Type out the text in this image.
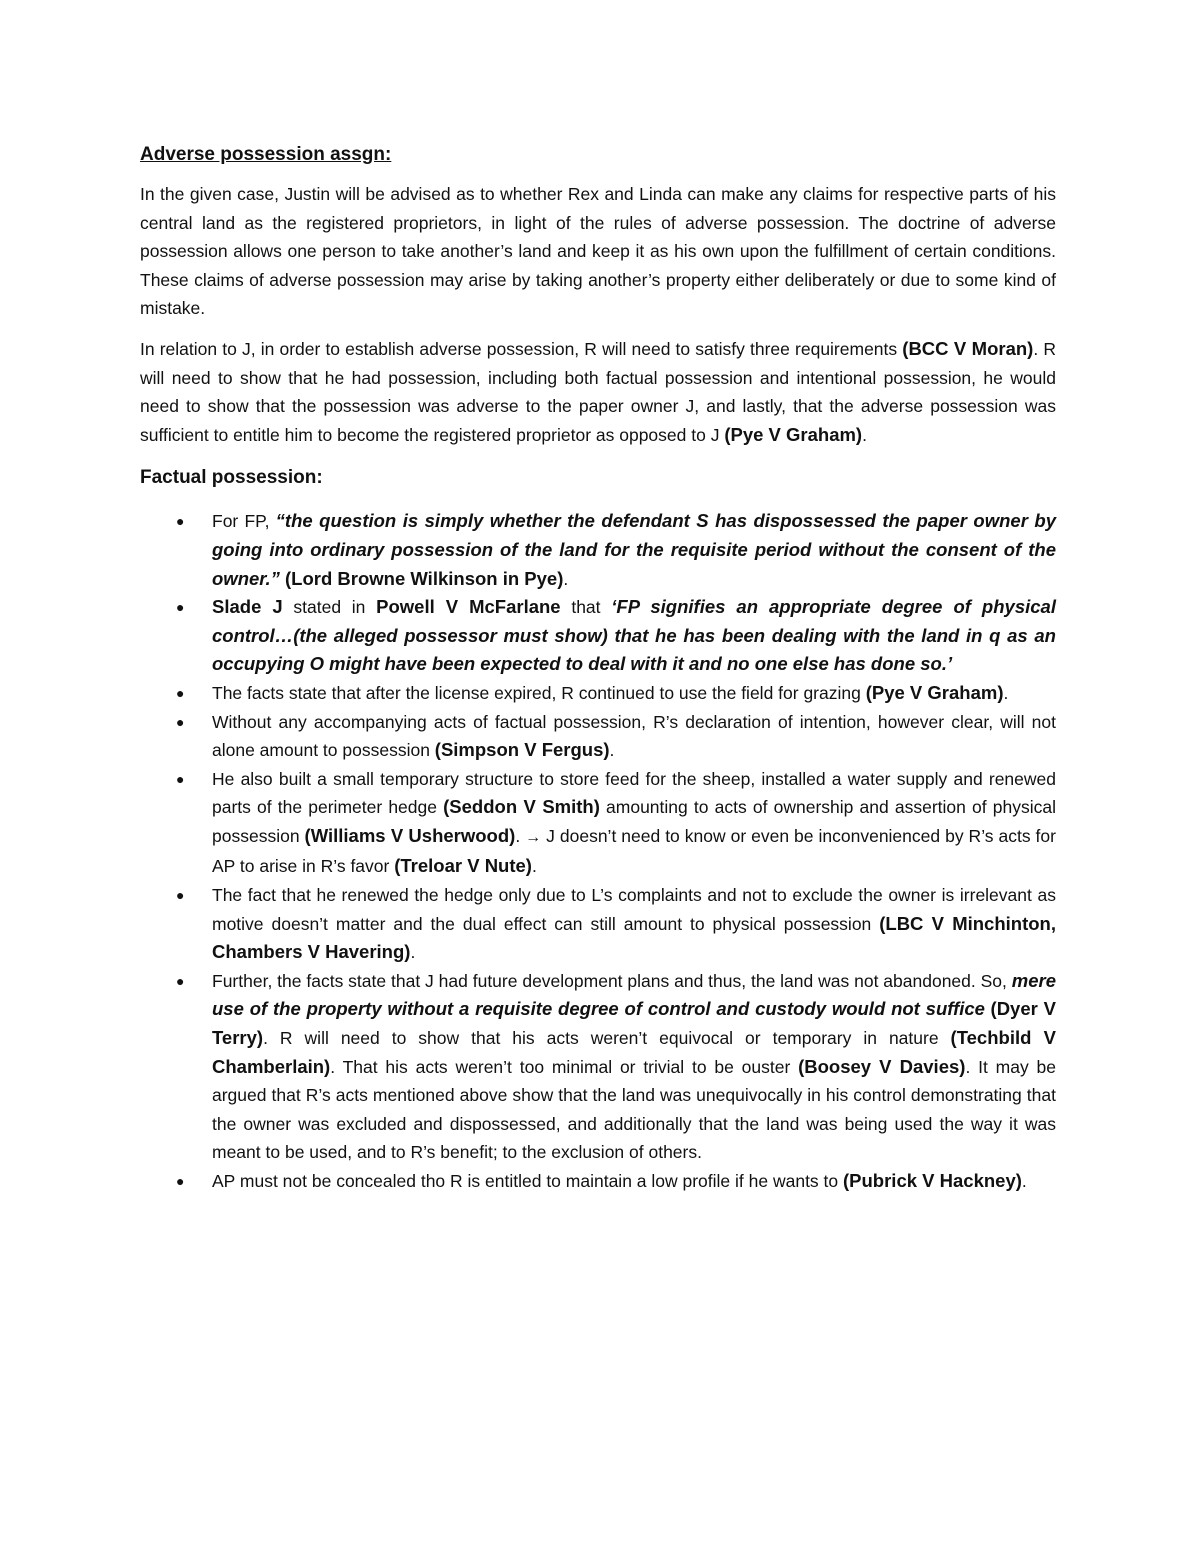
Adverse possession assgn:

In the given case, Justin will be advised as to whether Rex and Linda can make any claims for respective parts of his central land as the registered proprietors, in light of the rules of adverse possession. The doctrine of adverse possession allows one person to take another’s land and keep it as his own upon the fulfillment of certain conditions. These claims of adverse possession may arise by taking another’s property either deliberately or due to some kind of mistake.

In relation to J, in order to establish adverse possession, R will need to satisfy three requirements (BCC V Moran). R will need to show that he had possession, including both factual possession and intentional possession, he would need to show that the possession was adverse to the paper owner J, and lastly, that the adverse possession was sufficient to entitle him to become the registered proprietor as opposed to J (Pye V Graham).

Factual possession:
● For FP, “the question is simply whether the defendant S has dispossessed the paper owner by going into ordinary possession of the land for the requisite period without the consent of the owner.” (Lord Browne Wilkinson in Pye).
● Slade J stated in Powell V McFarlane that ‘FP signifies an appropriate degree of physical control…(the alleged possessor must show) that he has been dealing with the land in q as an occupying O might have been expected to deal with it and no one else has done so.’
● The facts state that after the license expired, R continued to use the field for grazing (Pye V Graham).
● Without any accompanying acts of factual possession, R’s declaration of intention, however clear, will not alone amount to possession (Simpson V Fergus).
● He also built a small temporary structure to store feed for the sheep, installed a water supply and renewed parts of the perimeter hedge (Seddon V Smith) amounting to acts of ownership and assertion of physical possession (Williams V Usherwood). → J doesn’t need to know or even be inconvenienced by R’s acts for AP to arise in R’s favor (Treloar V Nute).
● The fact that he renewed the hedge only due to L’s complaints and not to exclude the owner is irrelevant as motive doesn’t matter and the dual effect can still amount to physical possession (LBC V Minchinton, Chambers V Havering).
● Further, the facts state that J had future development plans and thus, the land was not abandoned. So, mere use of the property without a requisite degree of control and custody would not suffice (Dyer V Terry). R will need to show that his acts weren’t equivocal or temporary in nature (Techbild V Chamberlain). That his acts weren’t too minimal or trivial to be ouster (Boosey V Davies). It may be argued that R’s acts mentioned above show that the land was unequivocally in his control demonstrating that the owner was excluded and dispossessed, and additionally that the land was being used the way it was meant to be used, and to R’s benefit; to the exclusion of others.
● AP must not be concealed tho R is entitled to maintain a low profile if he wants to (Pubrick V Hackney).
